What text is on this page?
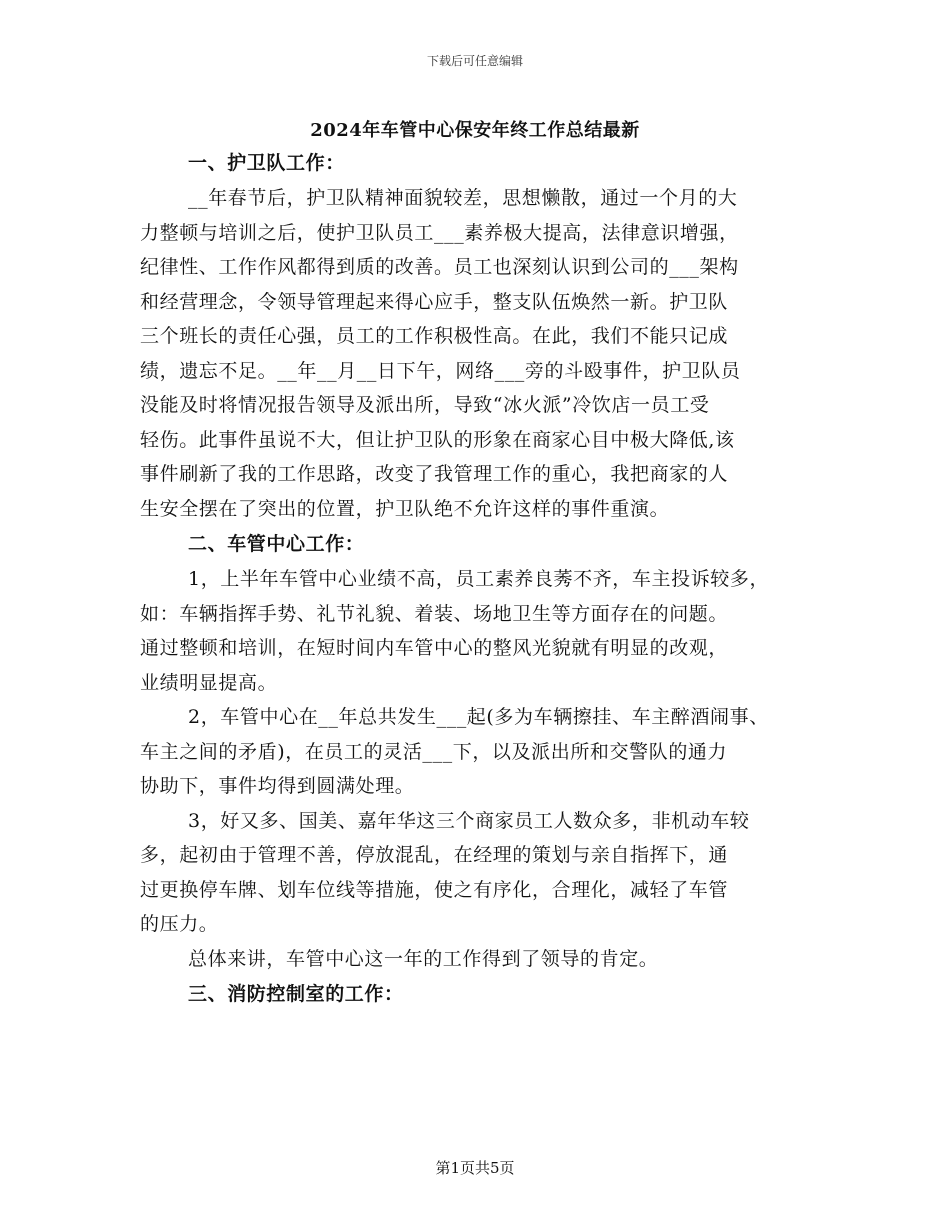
下载后可任意编辑
2024年车管中心保安年终工作总结最新
一、护卫队工作：
__年春节后，护卫队精神面貌较差，思想懒散，通过一个月的大
力整顿与培训之后，使护卫队员工___素养极大提高，法律意识增强，
纪律性、工作作风都得到质的改善。员工也深刻认识到公司的___架构
和经营理念，令领导管理起来得心应手，整支队伍焕然一新。护卫队
三个班长的责任心强，员工的工作积极性高。在此，我们不能只记成
绩，遗忘不足。__年__月__日下午，网络___旁的斗殴事件，护卫队员
没能及时将情况报告领导及派出所，导致“冰火派”冷饮店一员工受
轻伤。此事件虽说不大，但让护卫队的形象在商家心目中极大降低,该
事件刷新了我的工作思路，改变了我管理工作的重心，我把商家的人
生安全摆在了突出的位置，护卫队绝不允许这样的事件重演。
二、车管中心工作：
1，上半年车管中心业绩不高，员工素养良莠不齐，车主投诉较多，
如：车辆指挥手势、礼节礼貌、着装、场地卫生等方面存在的问题。
通过整顿和培训，在短时间内车管中心的整风光貌就有明显的改观，
业绩明显提高。
2，车管中心在__年总共发生___起(多为车辆擦挂、车主醉酒闹事、
车主之间的矛盾)，在员工的灵活___下，以及派出所和交警队的通力
协助下，事件均得到圆满处理。
3，好又多、国美、嘉年华这三个商家员工人数众多，非机动车较
多，起初由于管理不善，停放混乱，在经理的策划与亲自指挥下，通
过更换停车牌、划车位线等措施，使之有序化，合理化，减轻了车管
的压力。
总体来讲，车管中心这一年的工作得到了领导的肯定。
三、消防控制室的工作：
第1页共5页
